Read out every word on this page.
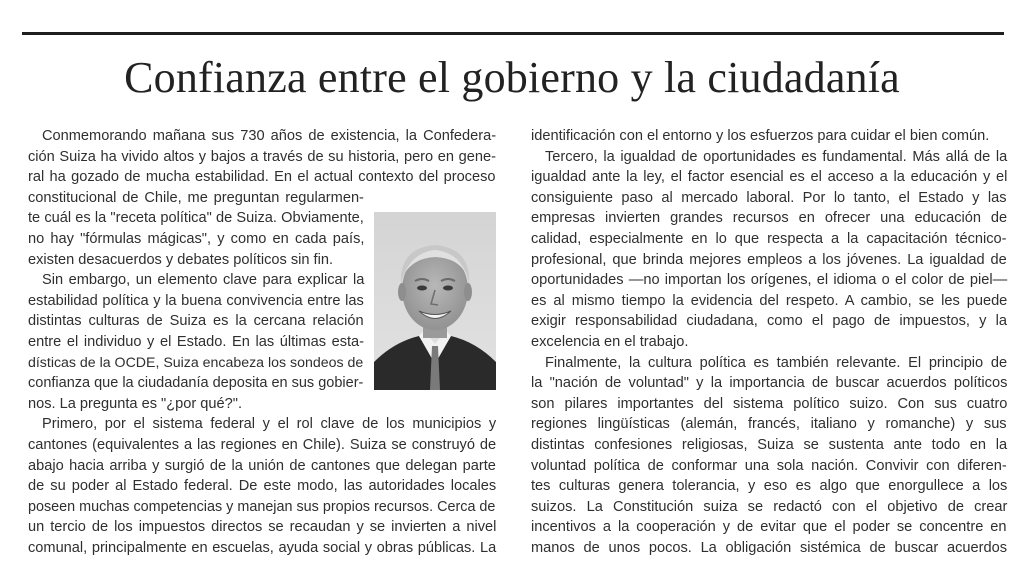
Confianza entre el gobierno y la ciudadanía
Conmemorando mañana sus 730 años de existencia, la Confedera-
ción Suiza ha vivido altos y bajos a través de su historia, pero en gene-
ral ha gozado de mucha estabilidad. En el actual contexto del proceso
constitucional de Chile, me preguntan regularmen-
te cuál es la "receta política" de Suiza. Obviamente,
no hay "fórmulas mágicas", y como en cada país,
existen desacuerdos y debates políticos sin fin.
Sin embargo, un elemento clave para explicar la
estabilidad política y la buena convivencia entre las
distintas culturas de Suiza es la cercana relación
entre el individuo y el Estado. En las últimas esta-
dísticas de la OCDE, Suiza encabeza los sondeos de
confianza que la ciudadanía deposita en sus gobier-
nos. La pregunta es "¿por qué?".
Primero, por el sistema federal y el rol clave de los municipios y
cantones (equivalentes a las regiones en Chile). Suiza se construyó de
abajo hacia arriba y surgió de la unión de cantones que delegan parte
de su poder al Estado federal. De este modo, las autoridades locales
poseen muchas competencias y manejan sus propios recursos. Cerca de
un tercio de los impuestos directos se recaudan y se invierten a nivel
comunal, principalmente en escuelas, ayuda social y obras públicas. La
identificación con el entorno y los esfuerzos para cuidar el bien común.
Tercero, la igualdad de oportunidades es fundamental. Más allá de la
igualdad ante la ley, el factor esencial es el acceso a la educación y el
consiguiente paso al mercado laboral. Por lo tanto, el Estado y las
empresas invierten grandes recursos en ofrecer una educación de
calidad, especialmente en lo que respecta a la capacitación técnico-
profesional, que brinda mejores empleos a los jóvenes. La igualdad de
oportunidades —no importan los orígenes, el idioma o el color de piel—
es al mismo tiempo la evidencia del respeto. A cambio, se les puede
exigir responsabilidad ciudadana, como el pago de impuestos, y la
excelencia en el trabajo.
Finalmente, la cultura política es también relevante. El principio de
la "nación de voluntad" y la importancia de buscar acuerdos políticos
son pilares importantes del sistema político suizo. Con sus cuatro
regiones lingüísticas (alemán, francés, italiano y romanche) y sus
distintas confesiones religiosas, Suiza se sustenta ante todo en la
voluntad política de conformar una sola nación. Convivir con diferen-
tes culturas genera tolerancia, y eso es algo que enorgullece a los
suizos. La Constitución suiza se redactó con el objetivo de crear
incentivos a la cooperación y de evitar que el poder se concentre en
manos de unos pocos. La obligación sistémica de buscar acuerdos
